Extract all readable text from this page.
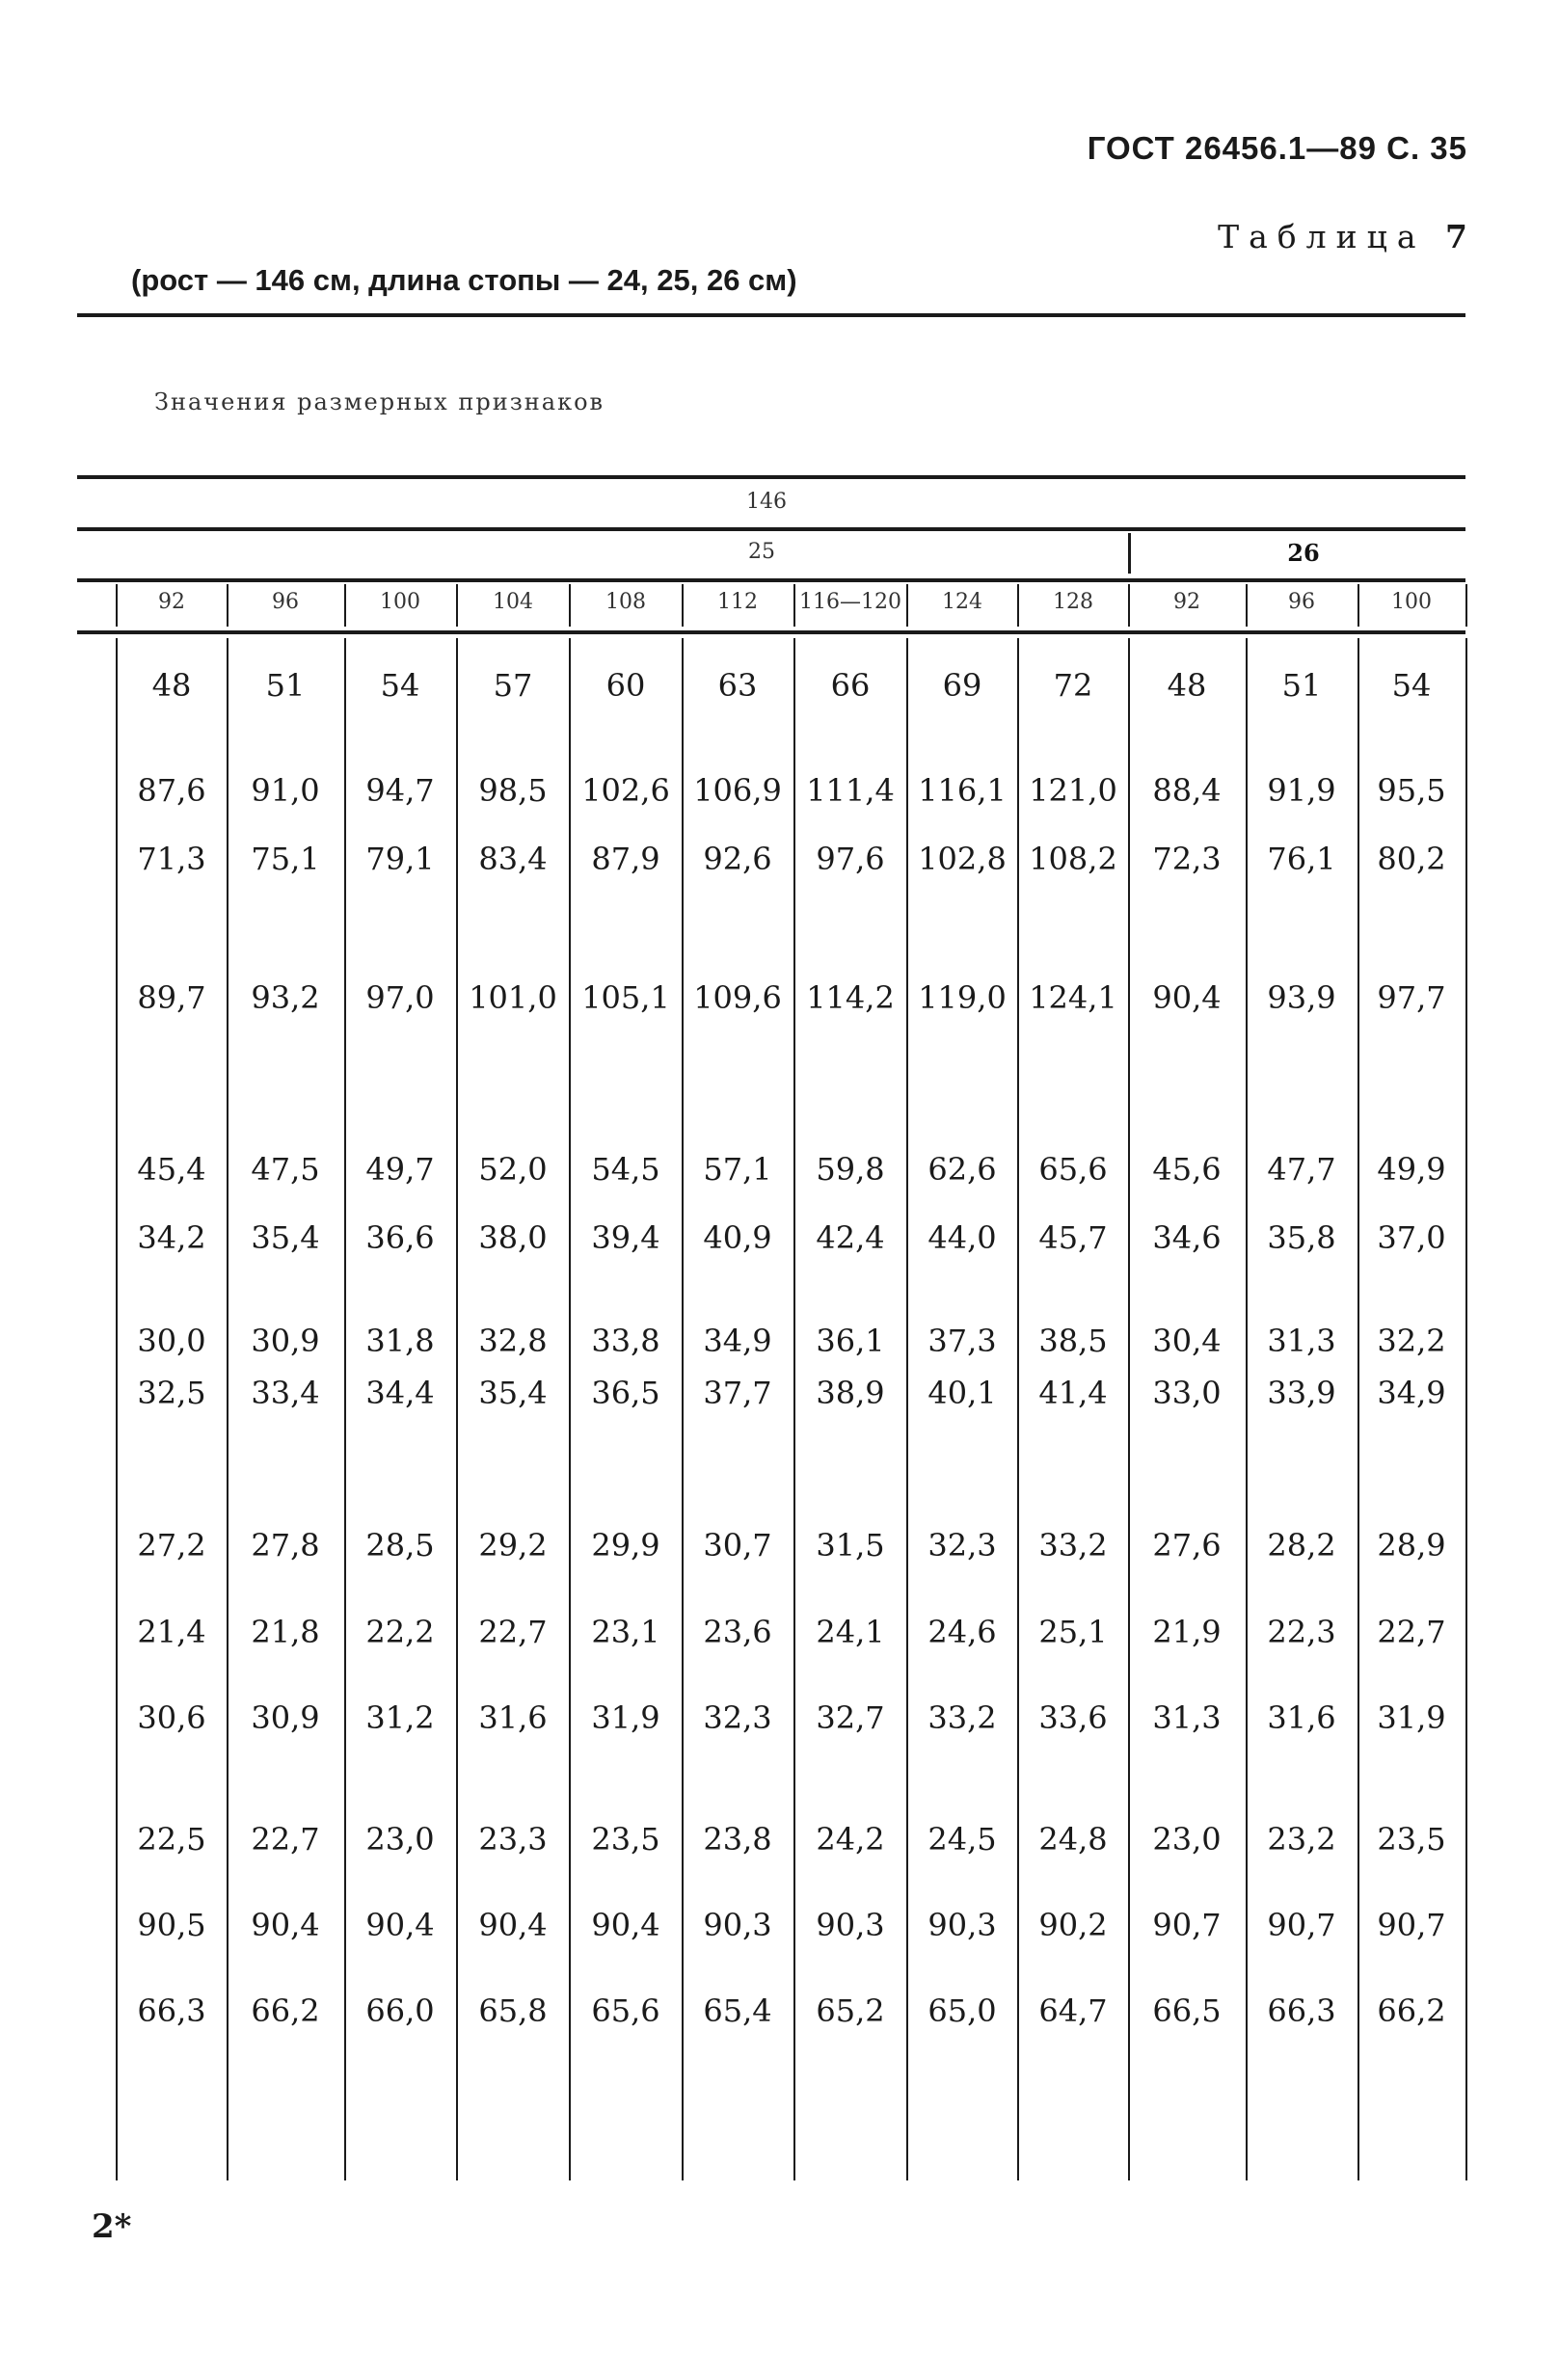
ГОСТ 26456.1—89 С. 35
Таблица 7
(рост — 146 см, длина стопы — 24, 25, 26 см)
Значения размерных признаков
146
25	26
92
48
87,6
71,3
89,7
45,4
34,2
30,0
32,5
27,2
21,4
30,6
22,5
90,5
66,3
96
51
91,0
75,1
93,2
47,5
35,4
30,9
33,4
27,8
21,8
30,9
22,7
90,4
66,2
100
54
94,7
79,1
97,0
49,7
36,6
31,8
34,4
28,5
22,2
31,2
23,0
90,4
66,0
104
57
98,5
83,4
101,0
52,0
38,0
32,8
35,4
29,2
22,7
31,6
23,3
90,4
65,8
108
60
102,6
87,9
105,1
54,5
39,4
33,8
36,5
29,9
23,1
31,9
23,5
90,4
65,6
112
63
106,9
92,6
109,6
57,1
40,9
34,9
37,7
30,7
23,6
32,3
23,8
90,3
65,4
116—120
66
111,4
97,6
114,2
59,8
42,4
36,1
38,9
31,5
24,1
32,7
24,2
90,3
65,2
124
69
116,1
102,8
119,0
62,6
44,0
37,3
40,1
32,3
24,6
33,2
24,5
90,3
65,0
128
72
121,0
108,2
124,1
65,6
45,7
38,5
41,4
33,2
25,1
33,6
24,8
90,2
64,7
92
48
88,4
72,3
90,4
45,6
34,6
30,4
33,0
27,6
21,9
31,3
23,0
90,7
66,5
96
51
91,9
76,1
93,9
47,7
35,8
31,3
33,9
28,2
22,3
31,6
23,2
90,7
66,3
100
54
95,5
80,2
97,7
49,9
37,0
32,2
34,9
28,9
22,7
31,9
23,5
90,7
66,2
2*
